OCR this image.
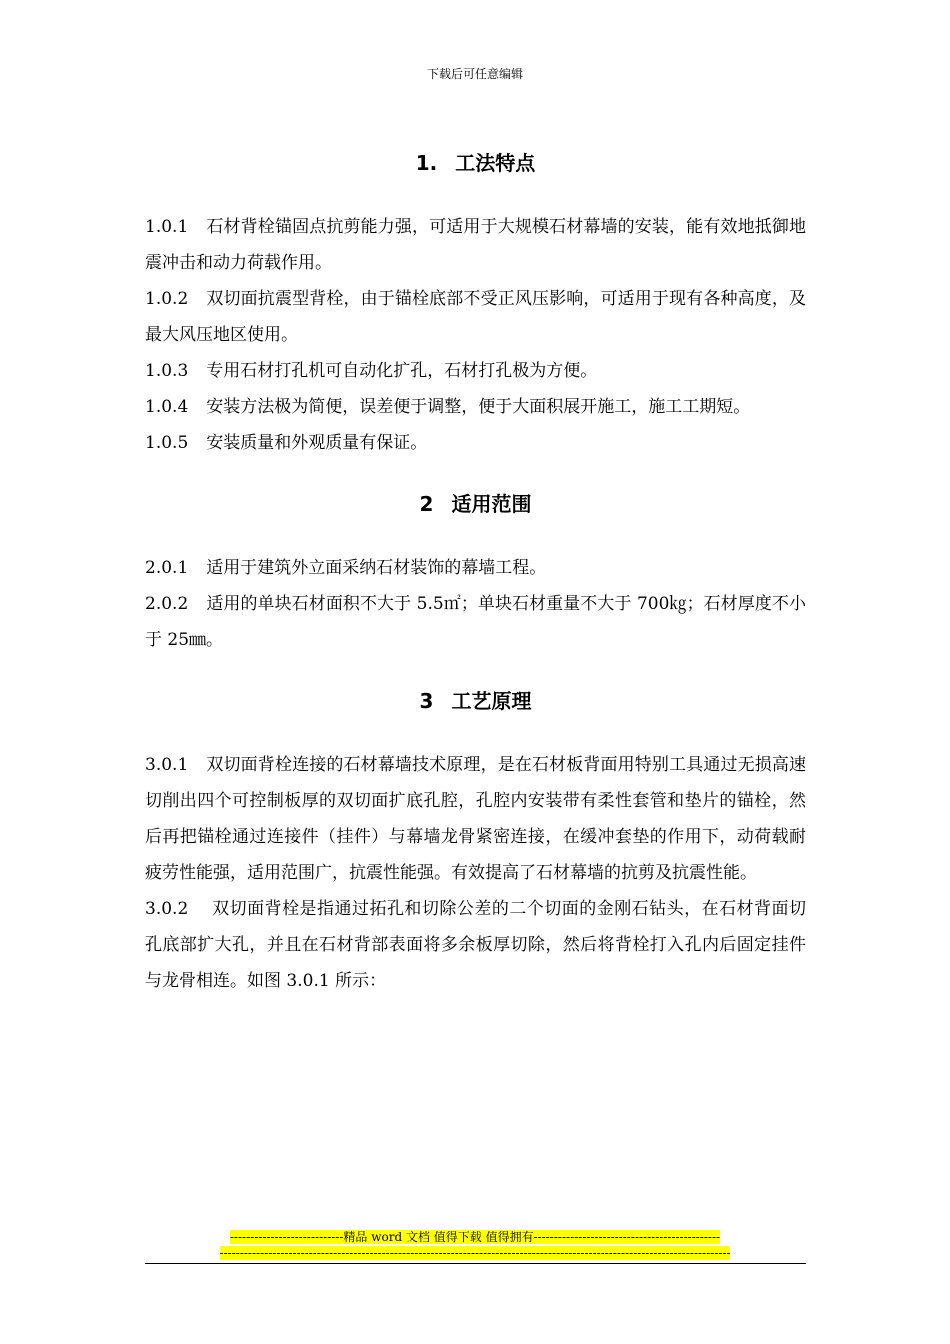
下载后可任意编辑
1. 工法特点

1.0.1 石材背栓锚固点抗剪能力强，可适用于大规模石材幕墙的安装，能有效地抵御地震冲击和动力荷载作用。

1.0.2 双切面抗震型背栓，由于锚栓底部不受正风压影响，可适用于现有各种高度，及最大风压地区使用。

1.0.3 专用石材打孔机可自动化扩孔，石材打孔极为方便。

1.0.4 安装方法极为简便，误差便于调整，便于大面积展开施工，施工工期短。

1.0.5 安装质量和外观质量有保证。

2 适用范围

2.0.1 适用于建筑外立面采纳石材装饰的幕墙工程。

2.0.2 适用的单块石材面积不大于 5.5㎡；单块石材重量不大于 700㎏；石材厚度不小于 25㎜。

3 工艺原理

3.0.1 双切面背栓连接的石材幕墙技术原理，是在石材板背面用特别工具通过无损高速切削出四个可控制板厚的双切面扩底孔腔，孔腔内安装带有柔性套管和垫片的锚栓，然后再把锚栓通过连接件（挂件）与幕墙龙骨紧密连接，在缓冲套垫的作用下，动荷载耐疲劳性能强，适用范围广，抗震性能强。有效提高了石材幕墙的抗剪及抗震性能。

3.0.2 双切面背栓是指通过拓孔和切除公差的二个切面的金刚石钻头，在石材背面切孔底部扩大孔，并且在石材背部表面将多余板厚切除，然后将背栓打入孔内后固定挂件与龙骨相连。如图 3.0.1 所示：

----------------------------精品 word 文档 值得下载 值得拥有----------------------------------------------
------------------------------------------------------------------------------------------------------------------------------
